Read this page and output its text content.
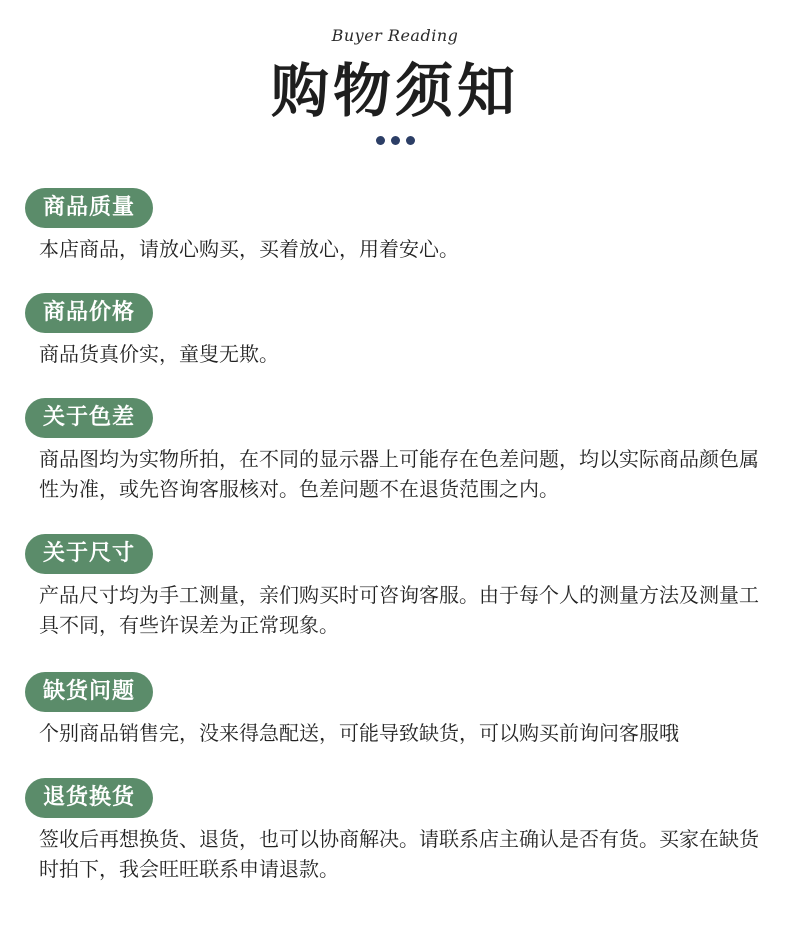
Buyer Reading
购物须知
商品质量
本店商品，请放心购买，买着放心，用着安心。
商品价格
商品货真价实，童叟无欺。
关于色差
商品图均为实物所拍，在不同的显示器上可能存在色差问题，均以实际商品颜色属性为准，或先咨询客服核对。色差问题不在退货范围之内。
关于尺寸
产品尺寸均为手工测量，亲们购买时可咨询客服。由于每个人的测量方法及测量工具不同，有些许误差为正常现象。
缺货问题
个别商品销售完，没来得急配送，可能导致缺货，可以购买前询问客服哦
退货换货
签收后再想换货、退货，也可以协商解决。请联系店主确认是否有货。买家在缺货时拍下，我会旺旺联系申请退款。
